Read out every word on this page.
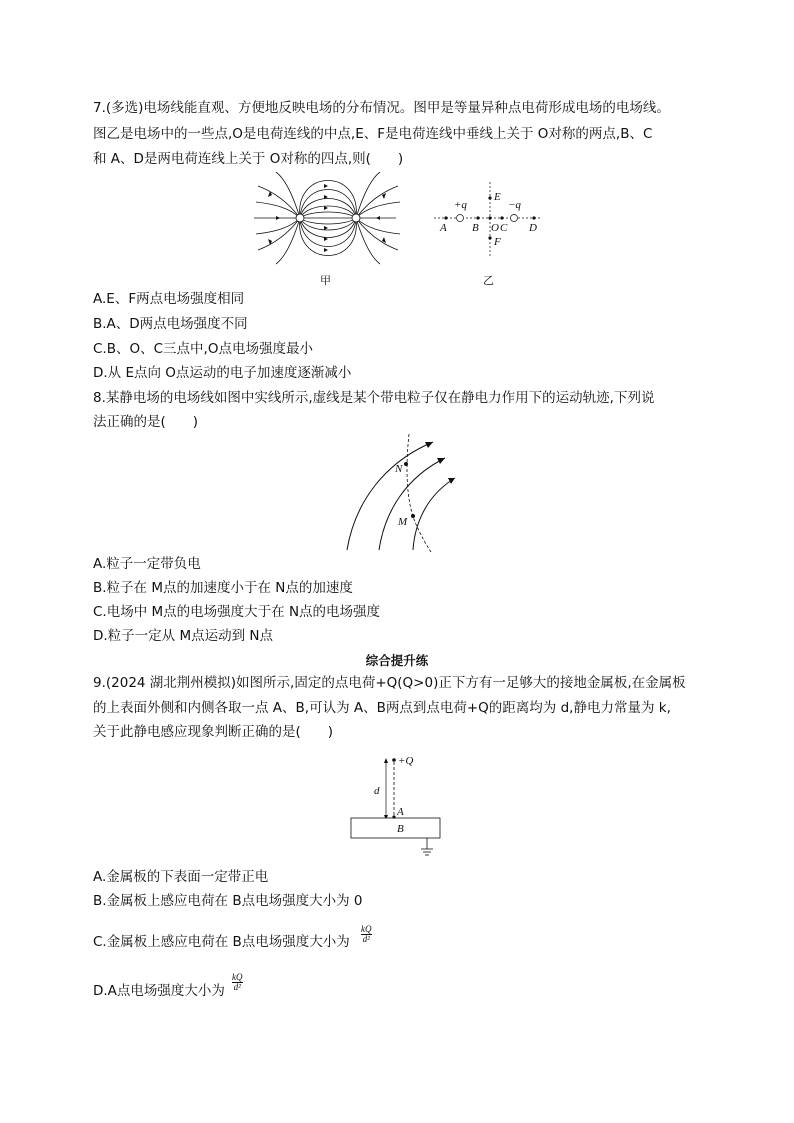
7.(多选)电场线能直观、方便地反映电场的分布情况。图甲是等量异种点电荷形成电场的电场线。
图乙是电场中的一些点,O是电荷连线的中点,E、F是电荷连线中垂线上关于 O对称的两点,B、C
和 A、D是两电荷连线上关于 O对称的四点,则(　　)
甲
+q	−q
A B O C D
E
F
乙
A.E、F两点电场强度相同
B.A、D两点电场强度不同
C.B、O、C三点中,O点电场强度最小
D.从 E点向 O点运动的电子加速度逐渐减小
8.某静电场的电场线如图中实线所示,虚线是某个带电粒子仅在静电力作用下的运动轨迹,下列说
法正确的是(　　)
N
M
A.粒子一定带负电
B.粒子在 M点的加速度小于在 N点的加速度
C.电场中 M点的电场强度大于在 N点的电场强度
D.粒子一定从 M点运动到 N点
综合提升练
9.(2024 湖北荆州模拟)如图所示,固定的点电荷+Q(Q>0)正下方有一足够大的接地金属板,在金属板
的上表面外侧和内侧各取一点 A、B,可认为 A、B两点到点电荷+Q的距离均为 d,静电力常量为 k,
关于此静电感应现象判断正确的是(　　)
+Q
d
A
B
A.金属板的下表面一定带正电
B.金属板上感应电荷在 B点电场强度大小为 0
C.金属板上感应电荷在 B点电场强度大小为 $\frac{kQ}{\text{d²}}$
D.A点电场强度大小为 $\frac{kQ}{\text{d²}}$
